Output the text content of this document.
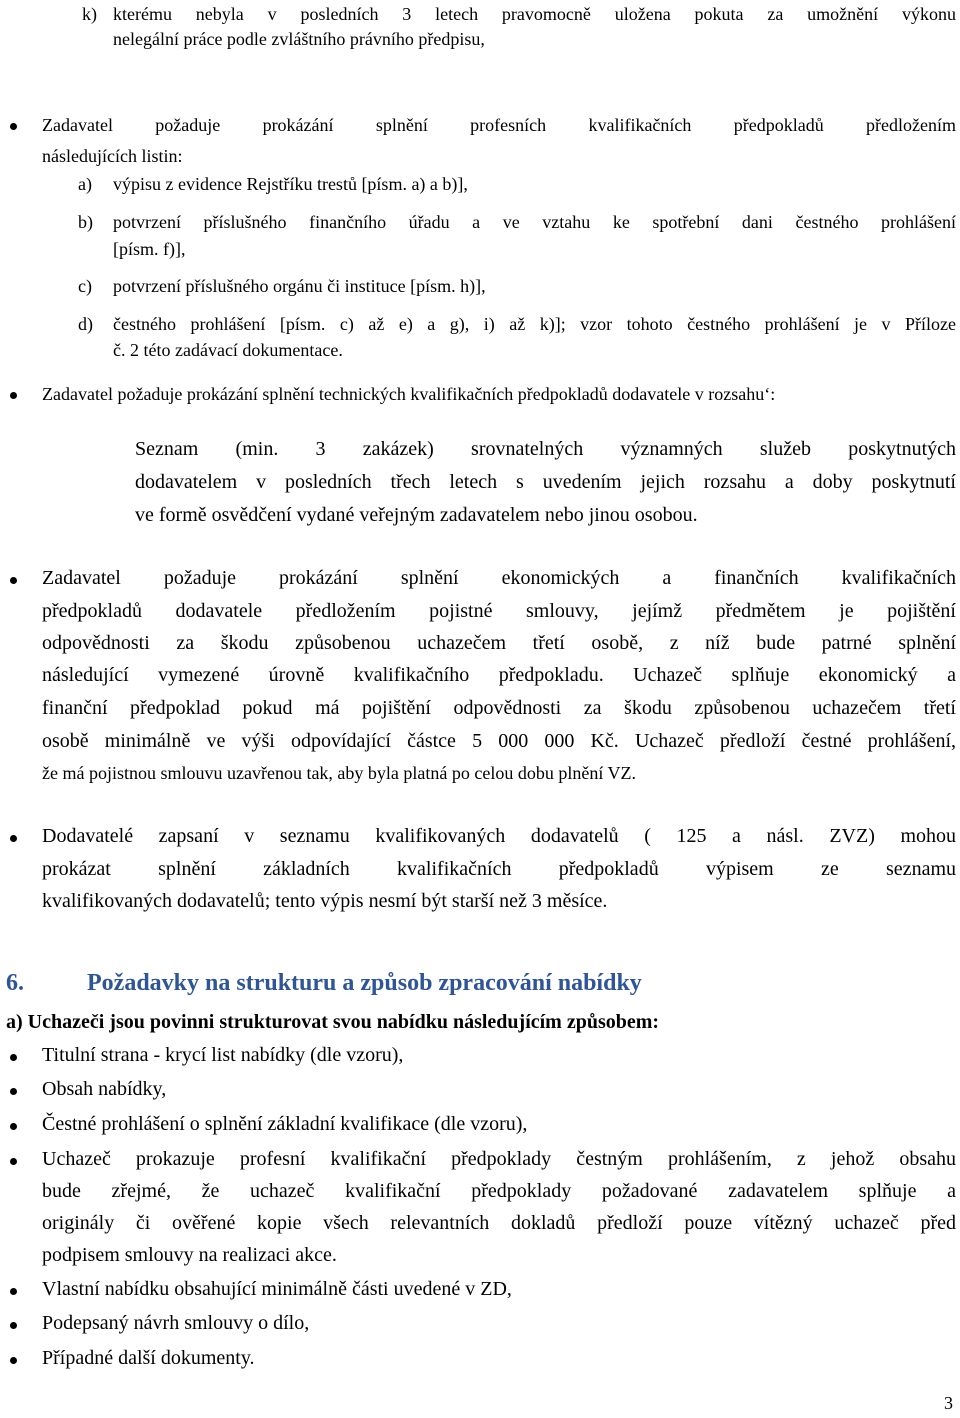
k) kterému nebyla v posledních 3 letech pravomocně uložena pokuta za umožnění výkonu
nelegální práce podle zvláštního právního předpisu,
Zadavatel požaduje prokázání splnění profesních kvalifikačních předpokladů předložením
následujících listin:
a) výpisu z evidence Rejstříku trestů [písm. a) a b)],
b) potvrzení příslušného finančního úřadu a ve vztahu ke spotřební dani čestného prohlášení
[písm. f)],
c) potvrzení příslušného orgánu či instituce [písm. h)],
d) čestného prohlášení [písm. c) až e) a g), i) až k)]; vzor tohoto čestného prohlášení je v Příloze
č. 2 této zadávací dokumentace.
Zadavatel požaduje prokázání splnění technických kvalifikačních předpokladů dodavatele v rozsahu‘:
Seznam (min. 3 zakázek) srovnatelných významných služeb poskytnutých
dodavatelem v posledních třech letech s uvedením jejich rozsahu a doby poskytnutí
ve formě osvědčení vydané veřejným zadavatelem nebo jinou osobou.
Zadavatel požaduje prokázání splnění ekonomických a finančních kvalifikačních
předpokladů dodavatele předložením pojistné smlouvy, jejímž předmětem je pojištění
odpovědnosti za škodu způsobenou uchazečem třetí osobě, z níž bude patrné splnění
následující vymezené úrovně kvalifikačního předpokladu. Uchazeč splňuje ekonomický a
finanční předpoklad pokud má pojištění odpovědnosti za škodu způsobenou uchazečem třetí
osobě minimálně ve výši odpovídající částce 5 000 000 Kč. Uchazeč předloží čestné prohlášení,
že má pojistnou smlouvu uzavřenou tak, aby byla platná po celou dobu plnění VZ.
Dodavatelé zapsaní v seznamu kvalifikovaných dodavatelů ( 125 a násl. ZVZ) mohou
prokázat splnění základních kvalifikačních předpokladů výpisem ze seznamu
kvalifikovaných dodavatelů; tento výpis nesmí být starší než 3 měsíce.
6.	Požadavky na strukturu a způsob zpracování nabídky
a) Uchazeči jsou povinni strukturovat svou nabídku následujícím způsobem:
Titulní strana - krycí list nabídky (dle vzoru),
Obsah nabídky,
Čestné prohlášení o splnění základní kvalifikace (dle vzoru),
Uchazeč prokazuje profesní kvalifikační předpoklady čestným prohlášením, z jehož obsahu
bude zřejmé, že uchazeč kvalifikační předpoklady požadované zadavatelem splňuje a
originály či ověřené kopie všech relevantních dokladů předloží pouze vítězný uchazeč před
podpisem smlouvy na realizaci akce.
Vlastní nabídku obsahující minimálně části uvedené v ZD,
Podepsaný návrh smlouvy o dílo,
Případné další dokumenty.
3
